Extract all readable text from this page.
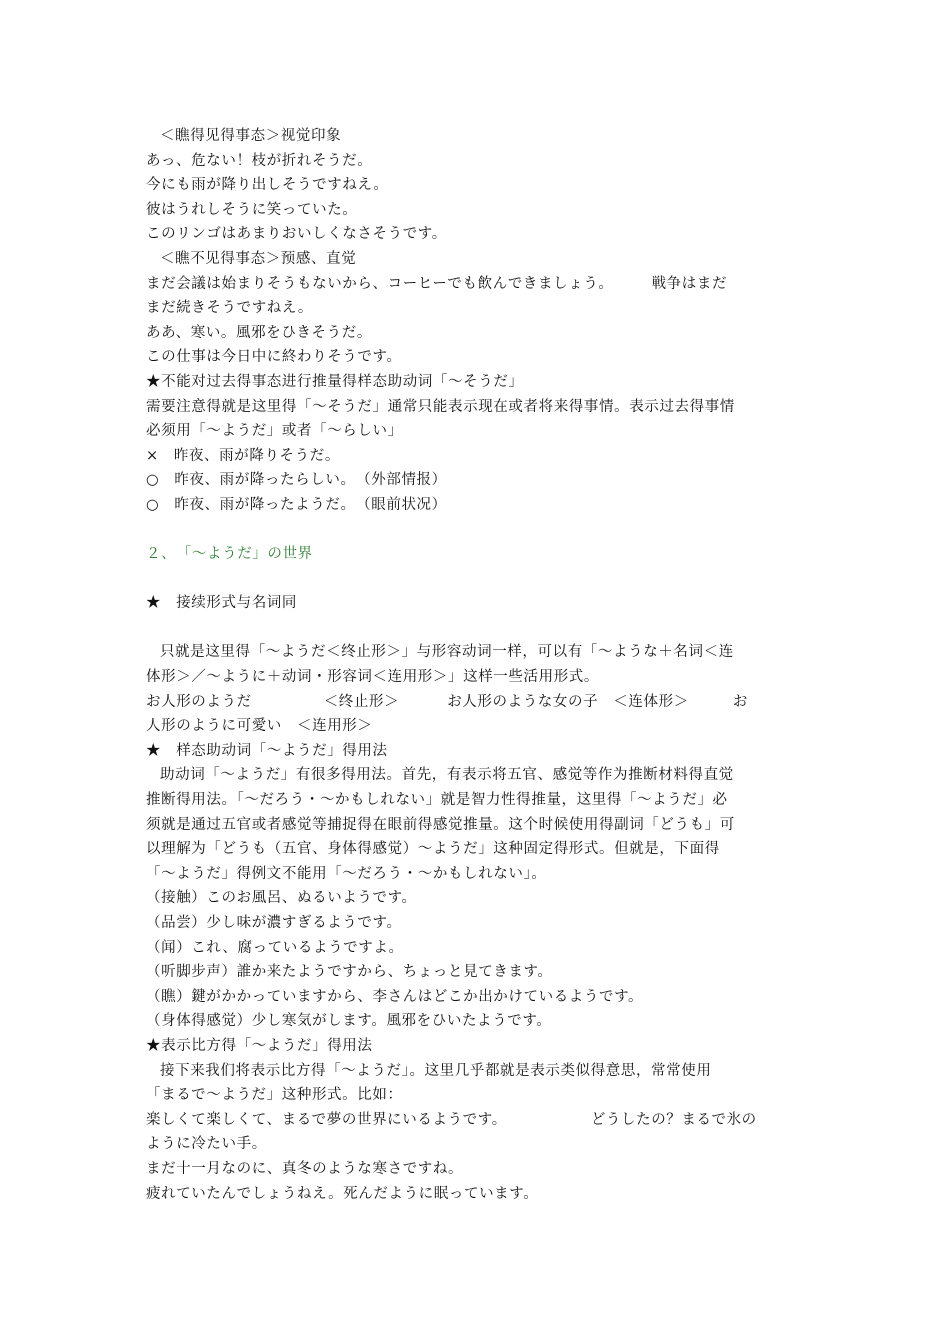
＜瞧得见得事态＞视觉印象
あっ、危ない！枝が折れそうだ。
今にも雨が降り出しそうですねえ。
彼はうれしそうに笑っていた。
このリンゴはあまりおいしくなさそうです。
＜瞧不见得事态＞预感、直觉
まだ会議は始まりそうもないから、コーヒーでも飲んできましょう。　　　戦争はまだ
まだ続きそうですねえ。
ああ、寒い。風邪をひきそうだ。
この仕事は今日中に終わりそうです。
★不能对过去得事态进行推量得样态助动词「～そうだ」
需要注意得就是这里得「～そうだ」通常只能表示现在或者将来得事情。表示过去得事情
必须用「～ようだ」或者「～らしい」
×　昨夜、雨が降りそうだ。
○　昨夜、雨が降ったらしい。　（外部情报）
○　昨夜、雨が降ったようだ。　（眼前状况）
２、　「～ようだ」の世界
★　接续形式与名词同
只就是这里得「～ようだ＜终止形＞」与形容动词一样，可以有「～ような＋名词＜连
体形＞／～ように＋动词・形容词＜连用形＞」这样一些活用形式。
お人形のようだ	＜终止形＞	お人形のような女の子　＜连体形＞	お
人形のように可愛い　＜连用形＞
★　样态助动词「～ようだ」得用法
助动词「～ようだ」有很多得用法。首先，有表示将五官、感觉等作为推断材料得直觉
推断得用法。「～だろう・～かもしれない」就是智力性得推量，这里得「～ようだ」必
须就是通过五官或者感觉等捕捉得在眼前得感觉推量。这个时候使用得副词「どうも」可
以理解为「どうも（五官、身体得感觉）～ようだ」这种固定得形式。但就是，下面得
「～ようだ」得例文不能用「～だろう・～かもしれない」。
（接触）このお風呂、ぬるいようです。
（品尝）少し味が濃すぎるようです。
（闻）これ、腐っているようですよ。
（听脚步声）誰か来たようですから、ちょっと見てきます。
（瞧）鍵がかかっていますから、李さんはどこか出かけているようです。
（身体得感觉）少し寒気がします。風邪をひいたようです。
★表示比方得「～ようだ」得用法
接下来我们将表示比方得「～ようだ」。这里几乎都就是表示类似得意思，常常使用
「まるで～ようだ」这种形式。比如：
楽しくて楽しくて、まるで夢の世界にいるようです。	どうしたの？まるで氷の
ように冷たい手。
まだ十一月なのに、真冬のような寒さですね。
疲れていたんでしょうねえ。死んだように眠っています。
